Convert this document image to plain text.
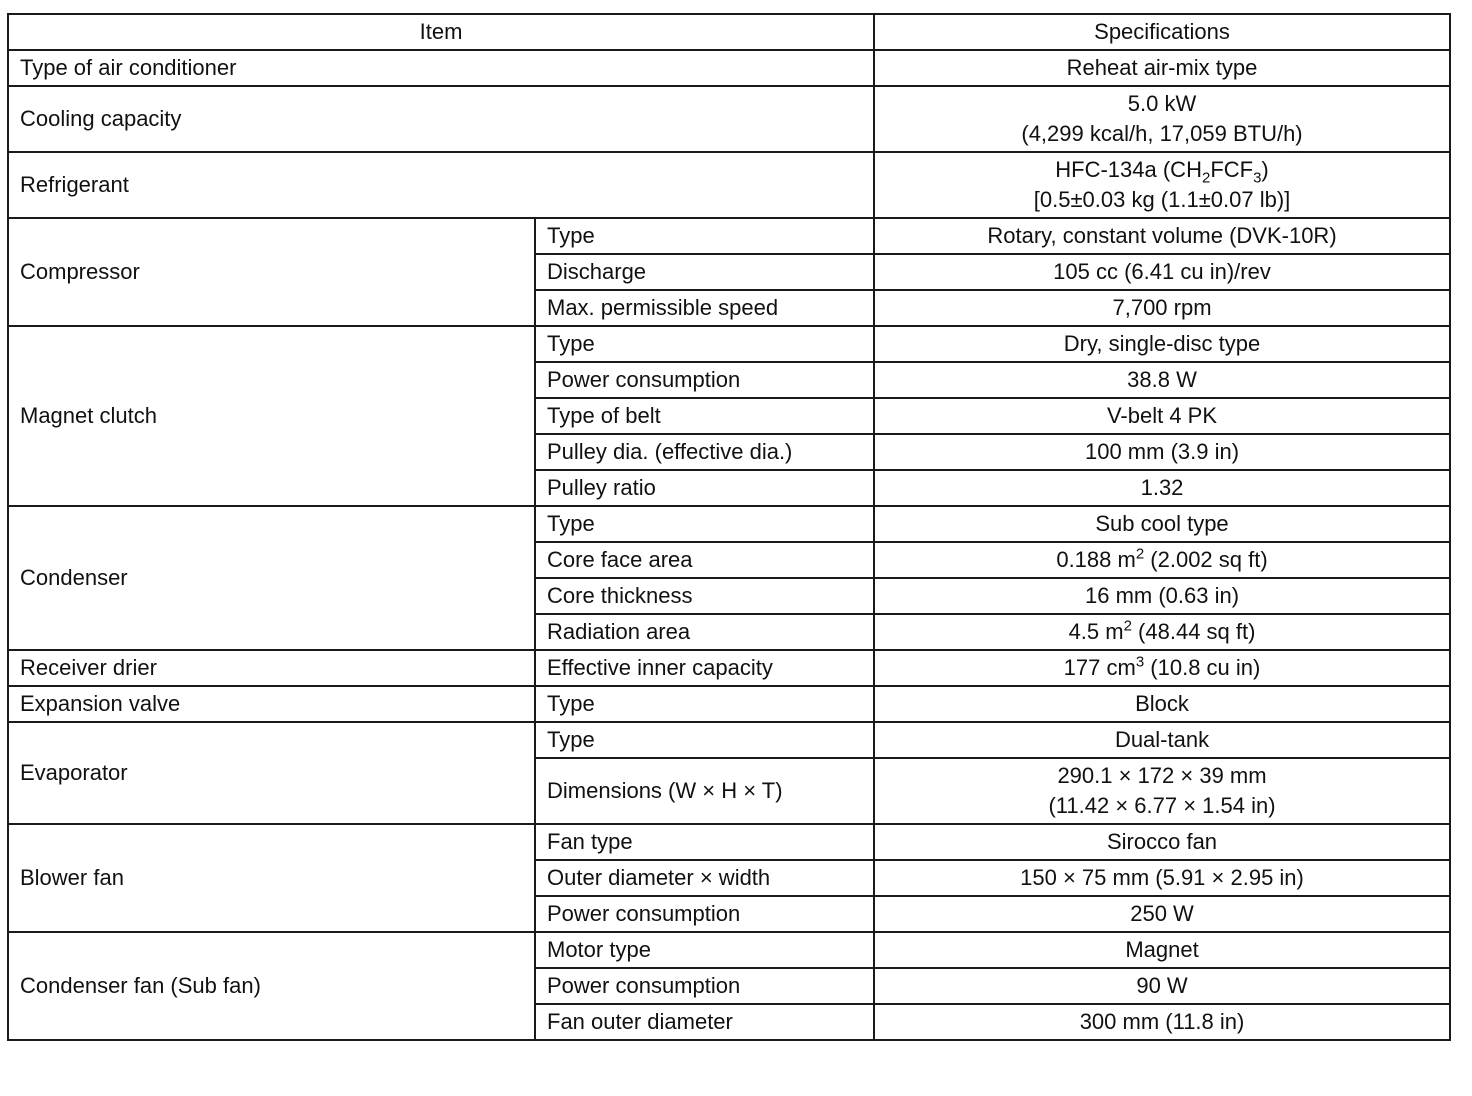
Item		Specifications
Type of air conditioner		Reheat air-mix type
Cooling capacity		5.0 kW
(4,299 kcal/h, 17,059 BTU/h)
Refrigerant		HFC-134a $(CH_2FCF_3)$
[0.5±0.03 kg (1.1±0.07 lb)]
Compressor	Type	Rotary, constant volume (DVK-10R)
	Discharge	105 cc (6.41 cu in)/rev
	Max. permissible speed	7,700 rpm
Magnet clutch	Type	Dry, single-disc type
	Power consumption	38.8 W
	Type of belt	V-belt 4 PK
	Pulley dia. (effective dia.)	100 mm (3.9 in)
	Pulley ratio	1.32
Condenser	Type	Sub cool type
	Core face area	0.188 $m^2$ (2.002 sq ft)
	Core thickness	16 mm (0.63 in)
	Radiation area	4.5 $m^2$ (48.44 sq ft)
Receiver drier	Effective inner capacity	177 $cm^3$ (10.8 cu in)
Expansion valve	Type	Block
Evaporator	Type	Dual-tank
	Dimensions (W × H × T)	290.1 × 172 × 39 mm
(11.42 × 6.77 × 1.54 in)
Blower fan	Fan type	Sirocco fan
	Outer diameter × width	150 × 75 mm (5.91 × 2.95 in)
	Power consumption	250 W
Condenser fan (Sub fan)	Motor type	Magnet
	Power consumption	90 W
	Fan outer diameter	300 mm (11.8 in)
